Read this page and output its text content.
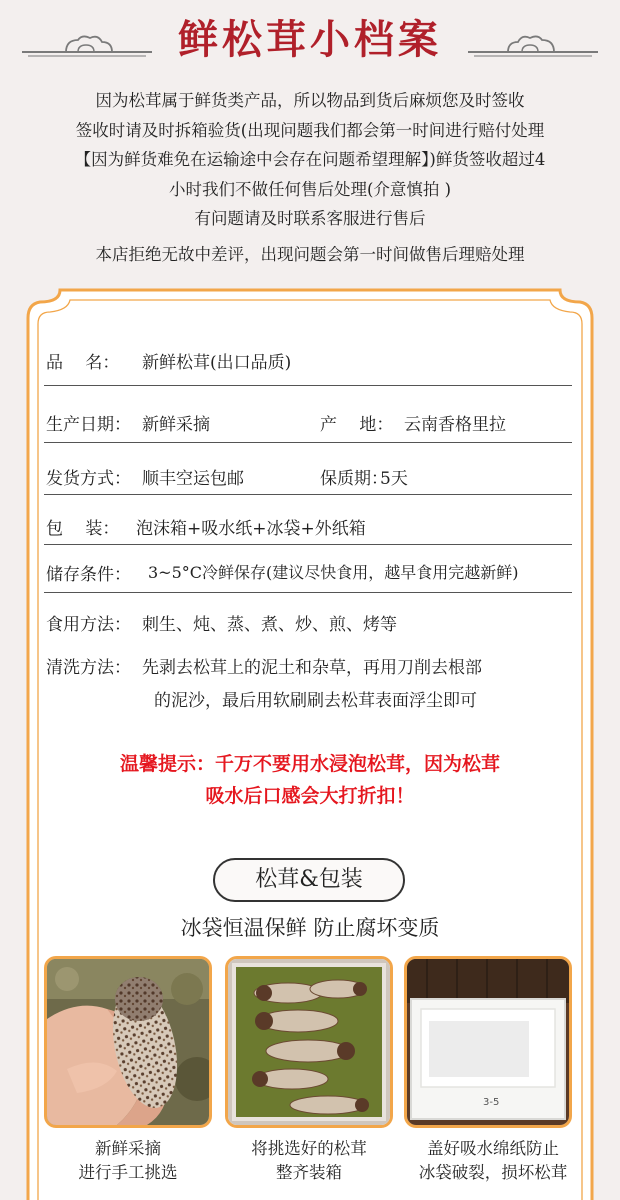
鲜松茸小档案
因为松茸属于鲜货类产品，所以物品到货后麻烦您及时签收
签收时请及时拆箱验货(出现问题我们都会第一时间进行赔付处理
【因为鲜货难免在运输途中会存在问题希望理解】)鲜货签收超过4
小时我们不做任何售后处理(介意慎拍 )
有问题请及时联系客服进行售后
本店拒绝无故中差评，出现问题会第一时间做售后理赔处理
品　 名： 新鲜松茸(出口品质)
生产日期： 新鲜采摘	产　 地： 云南香格里拉
发货方式： 顺丰空运包邮	保质期：
5天
包　 装： 泡沫箱+吸水纸+冰袋+外纸箱
储存条件： 3~5°C冷鲜保存(建议尽快食用，越早食用完越新鲜)
食用方法： 刺生、炖、蒸、煮、炒、煎、烤等
清洗方法： 先剥去松茸上的泥土和杂草，再用刀削去根部
的泥沙，最后用软刷刷去松茸表面浮尘即可
温馨提示：千万不要用水浸泡松茸，因为松茸
吸水后口感会大打折扣！
松茸&包装
冰袋恒温保鲜 防止腐坏变质
3-5
新鲜采摘
进行手工挑选
将挑选好的松茸
整齐装箱
盖好吸水绵纸防止
冰袋破裂，损坏松茸
